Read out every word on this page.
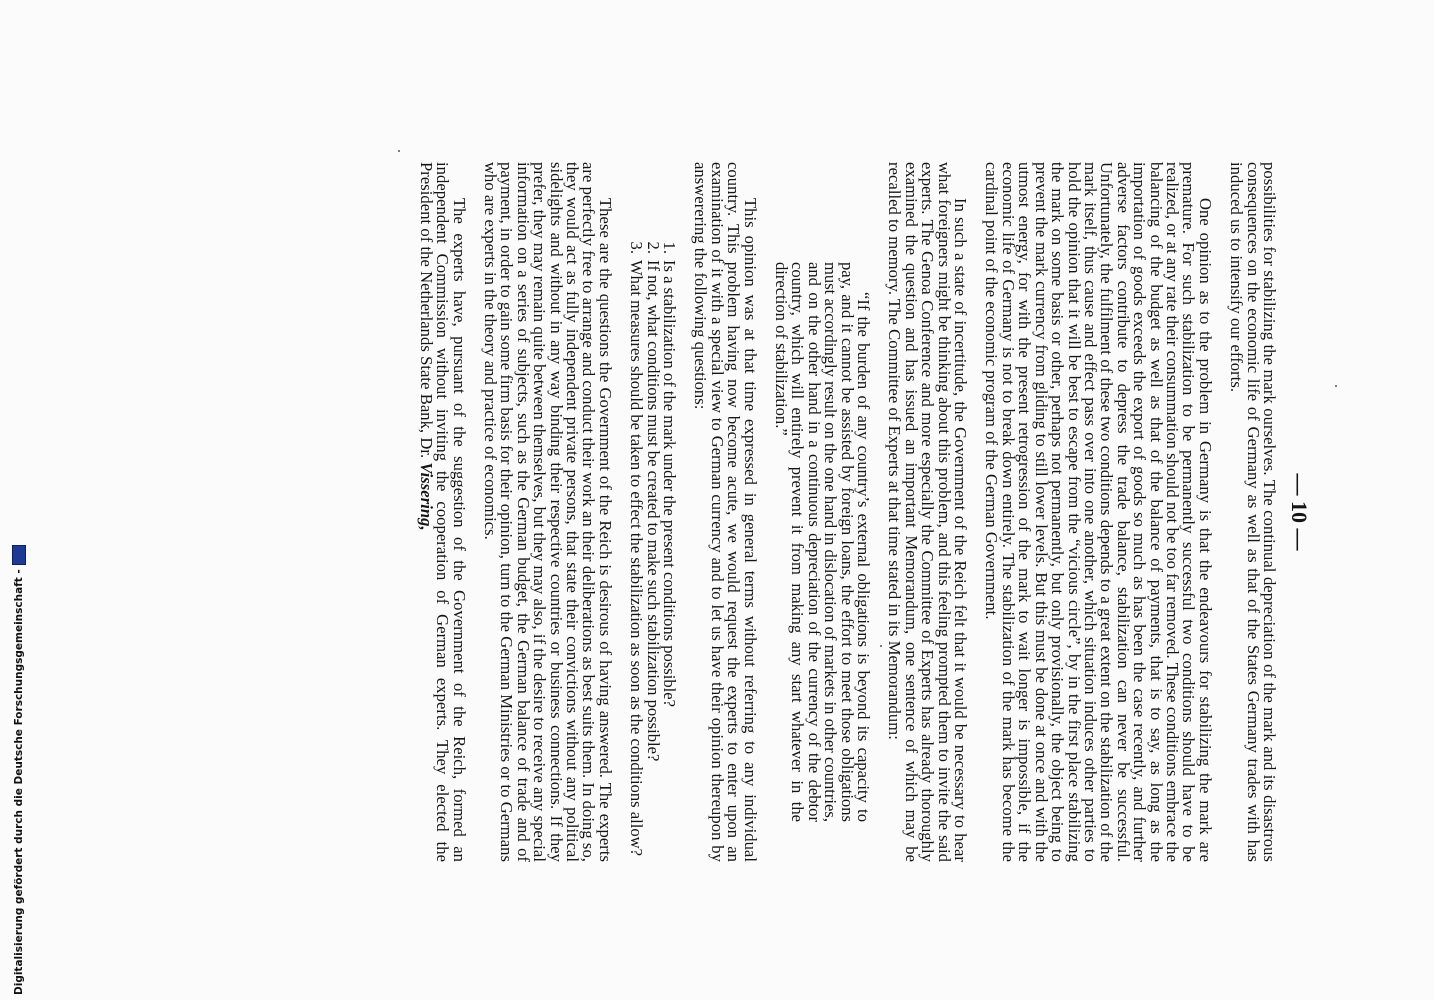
— 10 —

possibilities for stabilizing the mark ourselves. The continual depreciation of the mark and its disastrous consequences on the economic life of Germany as well as that of the States Germany trades with has induced us to intensify our efforts.

One opinion as to the problem in Germany is that the endeavours for stabilizing the mark are premature. For such stabilization to be permanently successful two conditions should have to be realized, or at any rate their consummation should not be too far removed. These conditions embrace the balancing of the budget as well as that of the balance of payments, that is to say, as long as the importation of goods exceeds the export of goods so much as has been the case recently, and further adverse factors contribute to depress the trade balance, stabilization can never be successful. Unfortunately, the fulfilment of these two conditions depends to a great extent on the stabilization of the mark itself, thus cause and effect pass over into one another, which situation induces other parties to hold the opinion that it will be best to escape from the “vicious circle”, by in the first place stabilizing the mark on some basis or other, perhaps not permanently, but only provisionally, the object being to prevent the mark currency from gliding to still lower levels. But this must be done at once and with the utmost energy, for with the present retrogression of the mark to wait longer is impossible, if the economic life of Germany is not to break down entirely. The stabilization of the mark has become the cardinal point of the economic program of the German Government.

In such a state of incertitude, the Government of the Reich felt that it would be necessary to hear what foreigners might be thinking about this problem, and this feeling prompted them to invite the said experts. The Genoa Conference and more especially the Committee of Experts has already thoroughly examined the question and has issued an important Memorandum, one sentence of which may be recalled to memory. The Committee of Experts at that time stated in its Memorandum:

“If the burden of any country’s external obligations is beyond its capacity to pay, and it cannot be assisted by foreign loans, the effort to meet those obligations must accordingly result on the one hand in dislocation of markets in other countries, and on the other hand in a continuous depreciation of the currency of the debtor country, which will entirely prevent it from making any start whatever in the direction of stabilization.”

This opinion was at that time expressed in general terms without referring to any individual country. This problem having now become acute, we would request the experts to enter upon an examination of it with a special view to German currency and to let us have their opinion thereupon by answerering the following questions:

1.
Is a stabilization of the mark under the present conditions possible?
2.
If not, what conditions must be created to make such stabilization possible?
3.
What measures should be taken to effect the stabilization as soon as the conditions allow?

These are the questions the Government of the Reich is desirous of having answered. The experts are perfectly free to arrange and conduct their work an their deliberations as best suits them. In doing so, they would act as fully independent private persons, that state their convictions without any political sidelights and without in any way binding their respective countries or business connections. If they prefer, they may remain quite between themselves, but they may also, if the desire to receive any special information on a series of subjects, such as the German budget, the German balance of trade and of payment, in order to gain some firm basis for their opinion, turn to the German Ministries or to Germans who are experts in the theory and practice of economics.

The experts have, pursuant of the suggestion of the Government of the Reich, formed an independent Commission without inviting the cooperation of German experts. They elected the President of the Netherlands State Bank, Dr. Vissering,

Digitalisierung gefördert durch die Deutsche Forschungsgemeinschaft -
